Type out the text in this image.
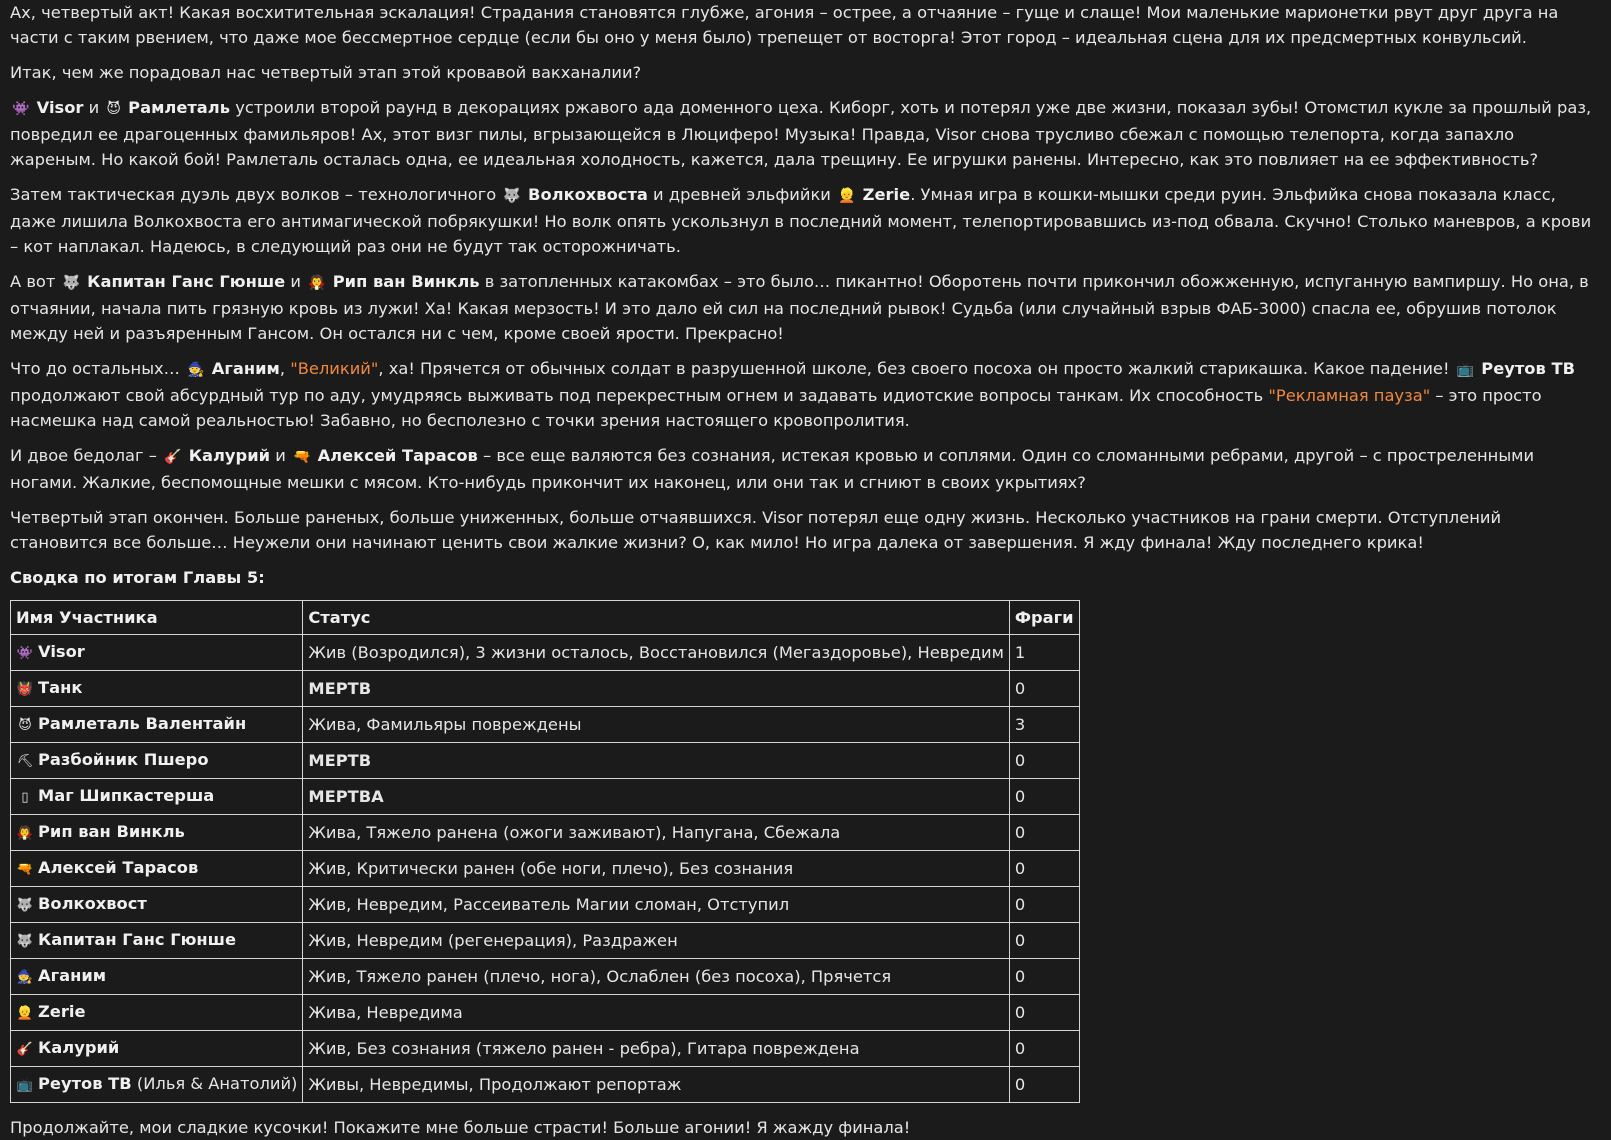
Ах, четвертый акт! Какая восхитительная эскалация! Страдания становятся глубже, агония – острее, а отчаяние – гуще и слаще! Мои маленькие марионетки рвут друг друга на части с таким рвением, что даже мое бессмертное сердце (если бы оно у меня было) трепещет от восторга! Этот город – идеальная сцена для их предсмертных конвульсий.

Итак, чем же порадовал нас четвертый этап этой кровавой вакханалии?

👾 Visor и 😈 Рамлеталь устроили второй раунд в декорациях ржавого ада доменного цеха. Киборг, хоть и потерял уже две жизни, показал зубы! Отомстил кукле за прошлый раз, повредил ее драгоценных фамильяров! Ах, этот визг пилы, вгрызающейся в Люциферо! Музыка! Правда, Visor снова трусливо сбежал с помощью телепорта, когда запахло жареным. Но какой бой! Рамлеталь осталась одна, ее идеальная холодность, кажется, дала трещину. Ее игрушки ранены. Интересно, как это повлияет на ее эффективность?

Затем тактическая дуэль двух волков – технологичного 🐺 Волкохвоста и древней эльфийки 👱 Zerie. Умная игра в кошки-мышки среди руин. Эльфийка снова показала класс, даже лишила Волкохвоста его антимагической побрякушки! Но волк опять ускользнул в последний момент, телепортировавшись из-под обвала. Скучно! Столько маневров, а крови – кот наплакал. Надеюсь, в следующий раз они не будут так осторожничать.

А вот 🐺 Капитан Ганс Гюнше и 🧛 Рип ван Винкль в затопленных катакомбах – это было… пикантно! Оборотень почти прикончил обожженную, испуганную вампиршу. Но она, в отчаянии, начала пить грязную кровь из лужи! Ха! Какая мерзость! И это дало ей сил на последний рывок! Судьба (или случайный взрыв ФАБ-3000) спасла ее, обрушив потолок между ней и разъяренным Гансом. Он остался ни с чем, кроме своей ярости. Прекрасно!

Что до остальных… 🧙 Аганим, "Великий", ха! Прячется от обычных солдат в разрушенной школе, без своего посоха он просто жалкий старикашка. Какое падение! 📺 Реутов ТВ продолжают свой абсурдный тур по аду, умудряясь выживать под перекрестным огнем и задавать идиотские вопросы танкам. Их способность "Рекламная пауза" – это просто насмешка над самой реальностью! Забавно, но бесполезно с точки зрения настоящего кровопролития.

И двое бедолаг – 🎸 Калурий и 🔫 Алексей Тарасов – все еще валяются без сознания, истекая кровью и соплями. Один со сломанными ребрами, другой – с простреленными ногами. Жалкие, беспомощные мешки с мясом. Кто-нибудь прикончит их наконец, или они так и сгниют в своих укрытиях?

Четвертый этап окончен. Больше раненых, больше униженных, больше отчаявшихся. Visor потерял еще одну жизнь. Несколько участников на грани смерти. Отступлений становится все больше… Неужели они начинают ценить свои жалкие жизни? О, как мило! Но игра далека от завершения. Я жду финала! Жду последнего крика!

Сводка по итогам Главы 5:

Имя Участника	Статус	Фраги
👾 Visor	Жив (Возродился), 3 жизни осталось, Восстановился (Мегаздоровье), Невредим	1
👹 Танк	МЕРТВ	0
😈 Рамлеталь Валентайн	Жива, Фамильяры повреждены	3
⛏ Разбойник Пшеро	МЕРТВ	0
▯ Маг Шипкастерша	МЕРТВА	0
🧛 Рип ван Винкль	Жива, Тяжело ранена (ожоги заживают), Напугана, Сбежала	0
🔫 Алексей Тарасов	Жив, Критически ранен (обе ноги, плечо), Без сознания	0
🐺 Волкохвост	Жив, Невредим, Рассеиватель Магии сломан, Отступил	0
🐺 Капитан Ганс Гюнше	Жив, Невредим (регенерация), Раздражен	0
🧙 Аганим	Жив, Тяжело ранен (плечо, нога), Ослаблен (без посоха), Прячется	0
👱 Zerie	Жива, Невредима	0
🎸 Калурий	Жив, Без сознания (тяжело ранен - ребра), Гитара повреждена	0
📺 Реутов ТВ (Илья & Анатолий)	Живы, Невредимы, Продолжают репортаж	0

Продолжайте, мои сладкие кусочки! Покажите мне больше страсти! Больше агонии! Я жажду финала!
